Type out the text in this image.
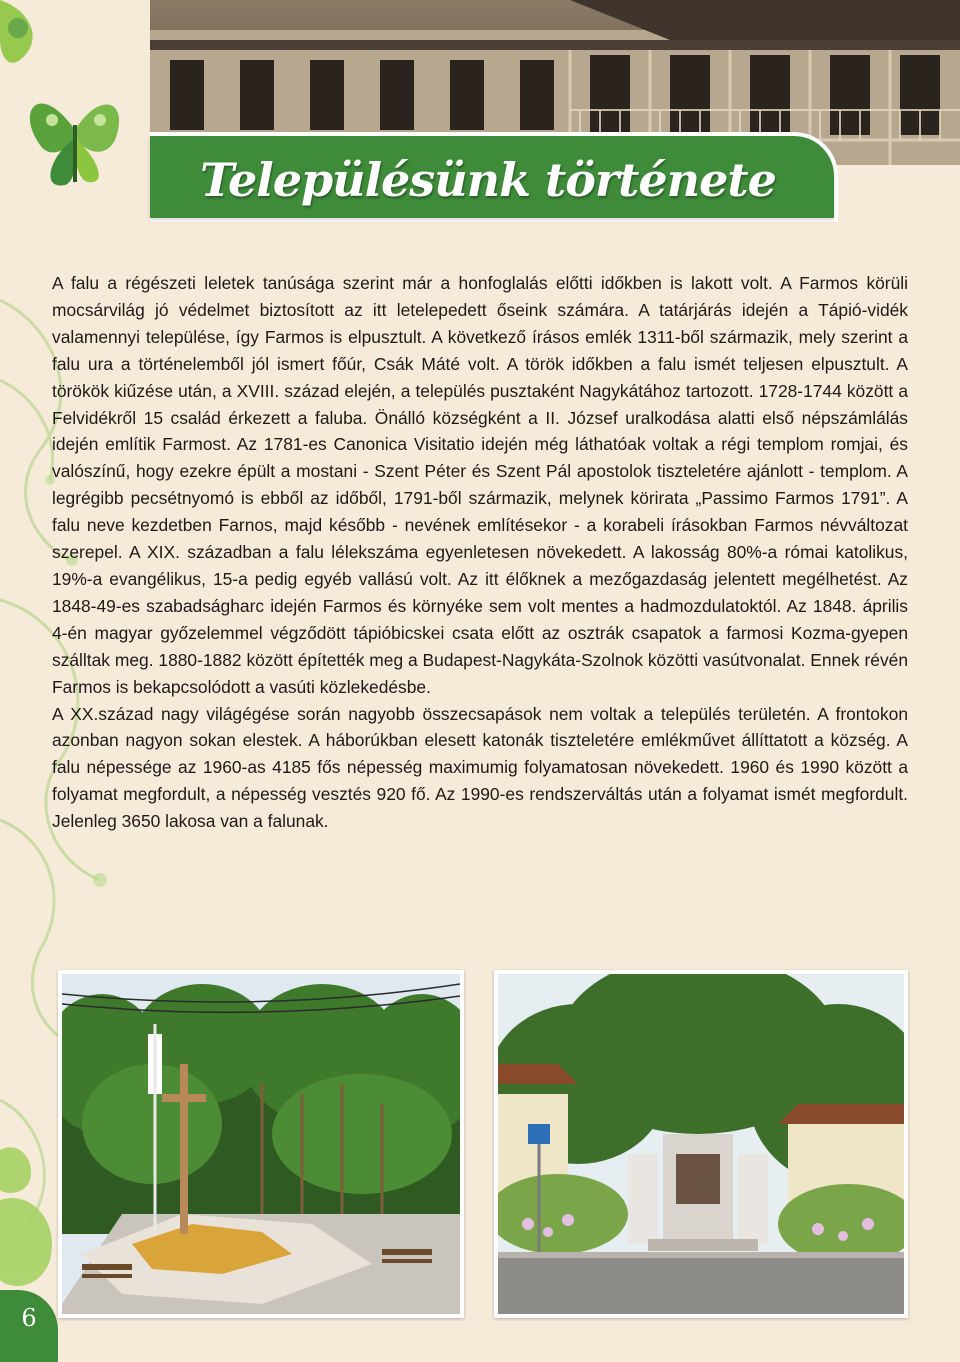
Településünk története

A falu a régészeti leletek tanúsága szerint már a honfoglalás előtti időkben is lakott volt. A Farmos körüli mocsárvilág jó védelmet biztosított az itt letelepedett őseink számára. A tatárjárás idején a Tápió-vidék valamennyi települése, így Farmos is elpusztult. A következő írásos emlék 1311-ből származik, mely szerint a falu ura a történelemből jól ismert főúr, Csák Máté volt. A török időkben a falu ismét teljesen elpusztult. A törökök kiűzése után, a XVIII. század elején, a település pusztaként Nagykátához tartozott. 1728-1744 között a Felvidékről 15 család érkezett a faluba. Önálló községként a II. József uralkodása alatti első népszámlálás idején említik Farmost. Az 1781-es Canonica Visitatio idején még láthatóak voltak a régi templom romjai, és valószínű, hogy ezekre épült a mostani - Szent Péter és Szent Pál apostolok tiszteletére ajánlott - templom. A legrégibb pecsétnyomó is ebből az időből, 1791-ből származik, melynek körirata „Passimo Farmos 1791”. A falu neve kezdetben Farnos, majd később - nevének említésekor - a korabeli írásokban Farmos névváltozat szerepel. A XIX. században a falu lélekszáma egyenletesen növekedett. A lakosság 80%-a római katolikus, 19%-a evangélikus, 15-a pedig egyéb vallású volt. Az itt élőknek a mezőgazdaság jelentett megélhetést. Az 1848-49-es szabadságharc idején Farmos és környéke sem volt mentes a hadmozdulatoktól. Az 1848. április 4-én magyar győzelemmel végződött tápióbicskei csata előtt az osztrák csapatok a farmosi Kozma-gyepen szálltak meg. 1880-1882 között építették meg a Budapest-Nagykáta-Szolnok közötti vasútvonalat. Ennek révén Farmos is bekapcsolódott a vasúti közlekedésbe.

A XX.század nagy világégése során nagyobb összecsapások nem voltak a település területén. A frontokon azonban nagyon sokan elestek. A háborúkban elesett katonák tiszteletére emlékművet állíttatott a község. A falu népessége az 1960-as 4185 fős népesség maximumig folyamatosan növekedett. 1960 és 1990 között a folyamat megfordult, a népesség vesztés 920 fő. Az 1990-es rendszerváltás után a folyamat ismét megfordult. Jelenleg 3650 lakosa van a falunak.

6
